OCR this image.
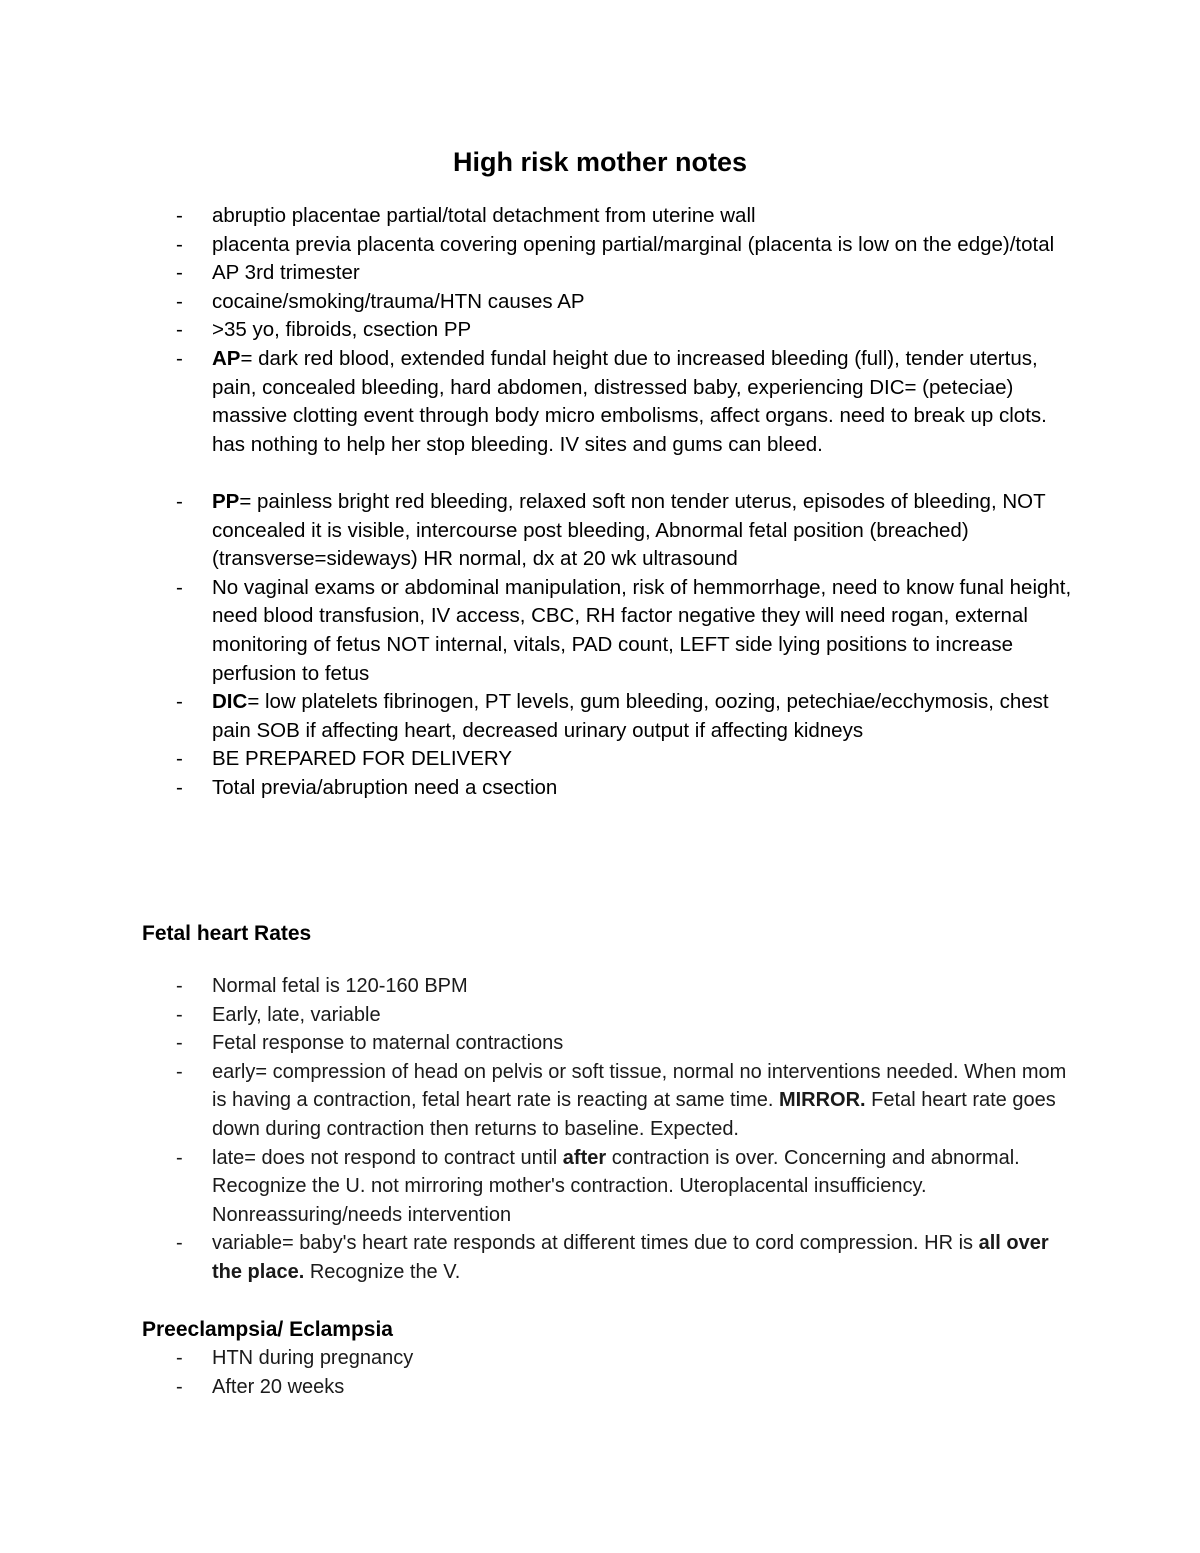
High risk mother notes
- abruptio placentae partial/total detachment from uterine wall
- placenta previa placenta covering opening partial/marginal (placenta is low on the edge)/total
- AP 3rd trimester
- cocaine/smoking/trauma/HTN causes AP
- >35 yo, fibroids, csection PP
- AP= dark red blood, extended fundal height due to increased bleeding (full), tender utertus, pain, concealed bleeding, hard abdomen, distressed baby, experiencing DIC= (peteciae) massive clotting event through body micro embolisms, affect organs. need to break up clots. has nothing to help her stop bleeding. IV sites and gums can bleed.
- PP= painless bright red bleeding, relaxed soft non tender uterus, episodes of bleeding, NOT concealed it is visible, intercourse post bleeding, Abnormal fetal position (breached) (transverse=sideways) HR normal, dx at 20 wk ultrasound
- No vaginal exams or abdominal manipulation, risk of hemmorrhage, need to know funal height, need blood transfusion, IV access, CBC, RH factor negative they will need rogan, external monitoring of fetus NOT internal, vitals, PAD count, LEFT side lying positions to increase perfusion to fetus
- DIC= low platelets fibrinogen, PT levels, gum bleeding, oozing, petechiae/ecchymosis, chest pain SOB if affecting heart, decreased urinary output if affecting kidneys
- BE PREPARED FOR DELIVERY
- Total previa/abruption need a csection
Fetal heart Rates
- Normal fetal is 120-160 BPM
- Early, late, variable
- Fetal response to maternal contractions
- early= compression of head on pelvis or soft tissue, normal no interventions needed. When mom is having a contraction, fetal heart rate is reacting at same time. MIRROR. Fetal heart rate goes down during contraction then returns to baseline. Expected.
- late= does not respond to contract until after contraction is over. Concerning and abnormal. Recognize the U. not mirroring mother's contraction. Uteroplacental insufficiency. Nonreassuring/needs intervention
- variable= baby's heart rate responds at different times due to cord compression. HR is all over the place. Recognize the V.
Preeclampsia/ Eclampsia
- HTN during pregnancy
- After 20 weeks
